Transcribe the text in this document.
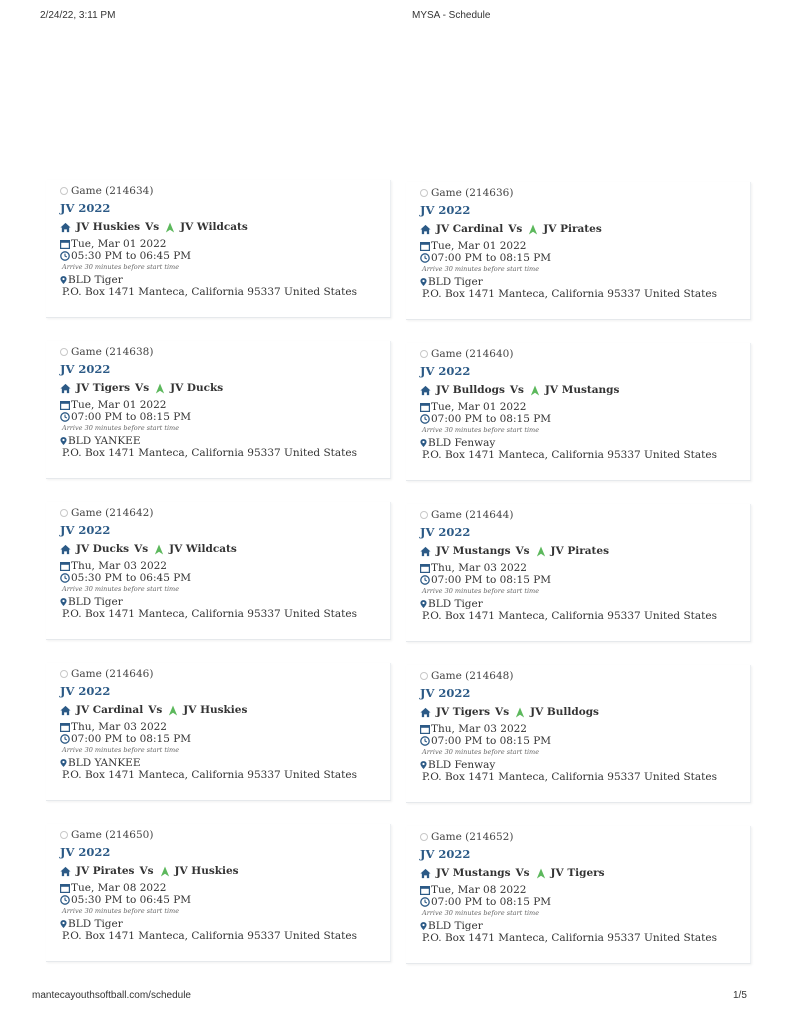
2/24/22, 3:11 PM	MYSA - Schedule
Game (214634)
JV 2022
JV Huskies Vs JV Wildcats
Tue, Mar 01 2022
05:30 PM to 06:45 PM
Arrive 30 minutes before start time
BLD Tiger
P.O. Box 1471 Manteca, California 95337 United States
Game (214636)
JV 2022
JV Cardinal Vs JV Pirates
Tue, Mar 01 2022
07:00 PM to 08:15 PM
Arrive 30 minutes before start time
BLD Tiger
P.O. Box 1471 Manteca, California 95337 United States
Game (214638)
JV 2022
JV Tigers Vs JV Ducks
Tue, Mar 01 2022
07:00 PM to 08:15 PM
Arrive 30 minutes before start time
BLD YANKEE
P.O. Box 1471 Manteca, California 95337 United States
Game (214640)
JV 2022
JV Bulldogs Vs JV Mustangs
Tue, Mar 01 2022
07:00 PM to 08:15 PM
Arrive 30 minutes before start time
BLD Fenway
P.O. Box 1471 Manteca, California 95337 United States
Game (214642)
JV 2022
JV Ducks Vs JV Wildcats
Thu, Mar 03 2022
05:30 PM to 06:45 PM
Arrive 30 minutes before start time
BLD Tiger
P.O. Box 1471 Manteca, California 95337 United States
Game (214644)
JV 2022
JV Mustangs Vs JV Pirates
Thu, Mar 03 2022
07:00 PM to 08:15 PM
Arrive 30 minutes before start time
BLD Tiger
P.O. Box 1471 Manteca, California 95337 United States
Game (214646)
JV 2022
JV Cardinal Vs JV Huskies
Thu, Mar 03 2022
07:00 PM to 08:15 PM
Arrive 30 minutes before start time
BLD YANKEE
P.O. Box 1471 Manteca, California 95337 United States
Game (214648)
JV 2022
JV Tigers Vs JV Bulldogs
Thu, Mar 03 2022
07:00 PM to 08:15 PM
Arrive 30 minutes before start time
BLD Fenway
P.O. Box 1471 Manteca, California 95337 United States
Game (214650)
JV 2022
JV Pirates Vs JV Huskies
Tue, Mar 08 2022
05:30 PM to 06:45 PM
Arrive 30 minutes before start time
BLD Tiger
P.O. Box 1471 Manteca, California 95337 United States
Game (214652)
JV 2022
JV Mustangs Vs JV Tigers
Tue, Mar 08 2022
07:00 PM to 08:15 PM
Arrive 30 minutes before start time
BLD Tiger
P.O. Box 1471 Manteca, California 95337 United States
mantecayouthsoftball.com/schedule	1/5
